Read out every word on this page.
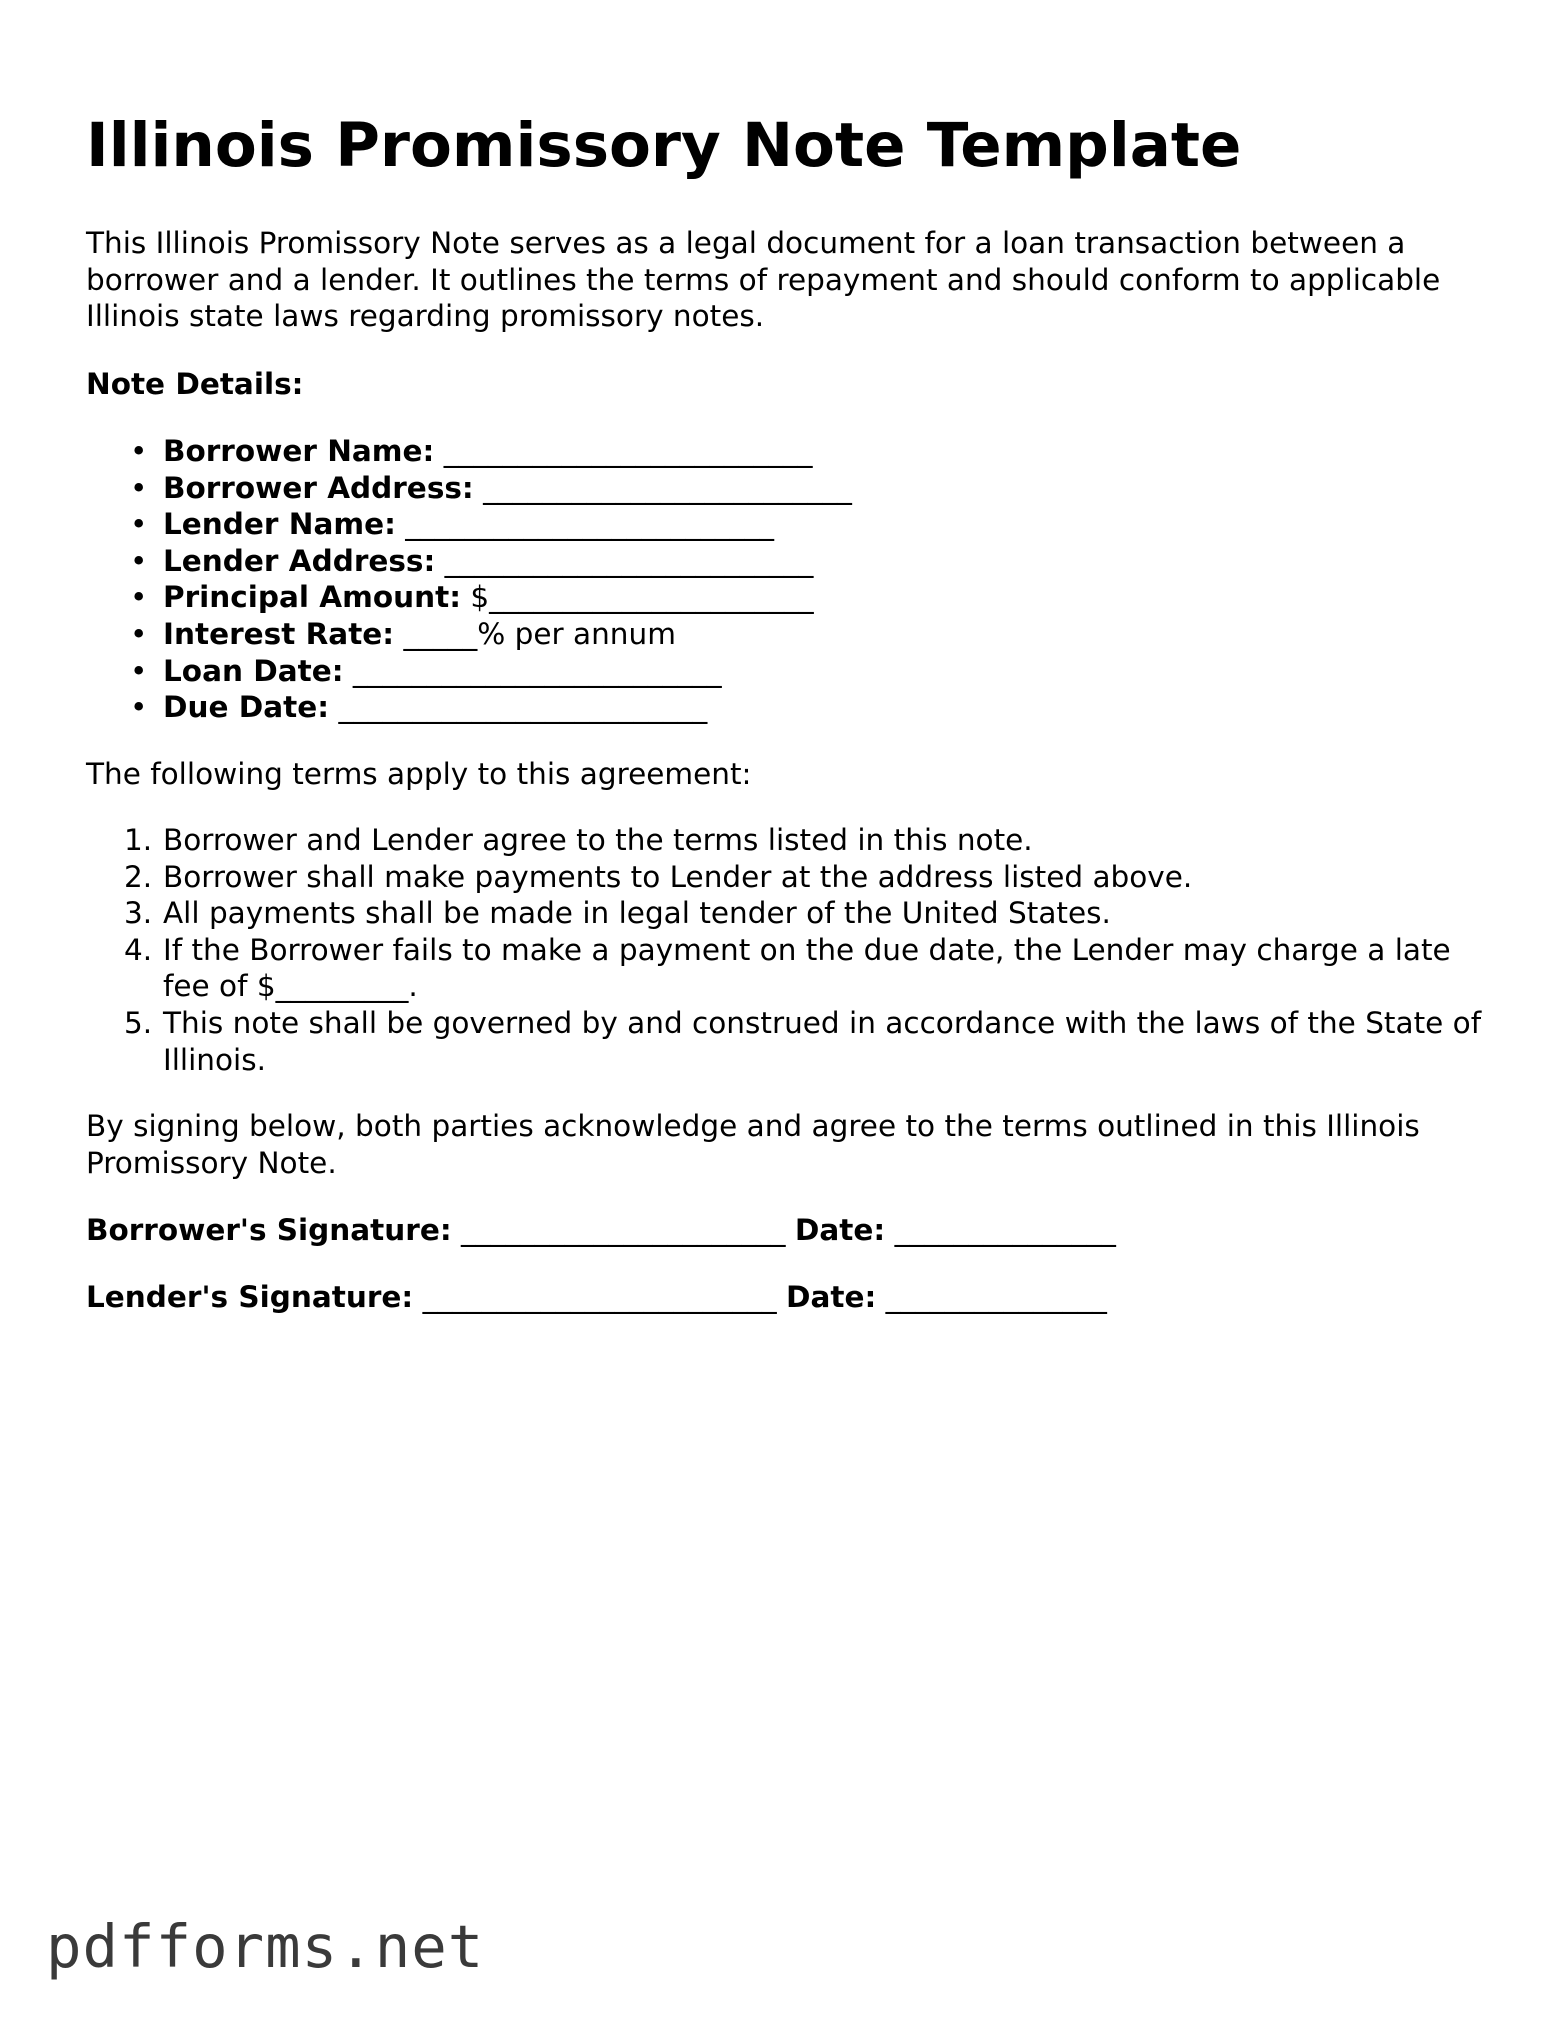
Illinois Promissory Note Template

This Illinois Promissory Note serves as a legal document for a loan transaction between a borrower and a lender. It outlines the terms of repayment and should conform to applicable Illinois state laws regarding promissory notes.

Note Details:

• Borrower Name: _________________________
• Borrower Address: _________________________
• Lender Name: _________________________
• Lender Address: _________________________
• Principal Amount: $______________________
• Interest Rate: _____% per annum
• Loan Date: _________________________
• Due Date: _________________________

The following terms apply to this agreement:

1. Borrower and Lender agree to the terms listed in this note.
2. Borrower shall make payments to Lender at the address listed above.
3. All payments shall be made in legal tender of the United States.
4. If the Borrower fails to make a payment on the due date, the Lender may charge a late fee of $_________.
5. This note shall be governed by and construed in accordance with the laws of the State of Illinois.

By signing below, both parties acknowledge and agree to the terms outlined in this Illinois Promissory Note.

Borrower's Signature: ______________________ Date: _______________

Lender's Signature: ________________________ Date: _______________

pdfforms.net
